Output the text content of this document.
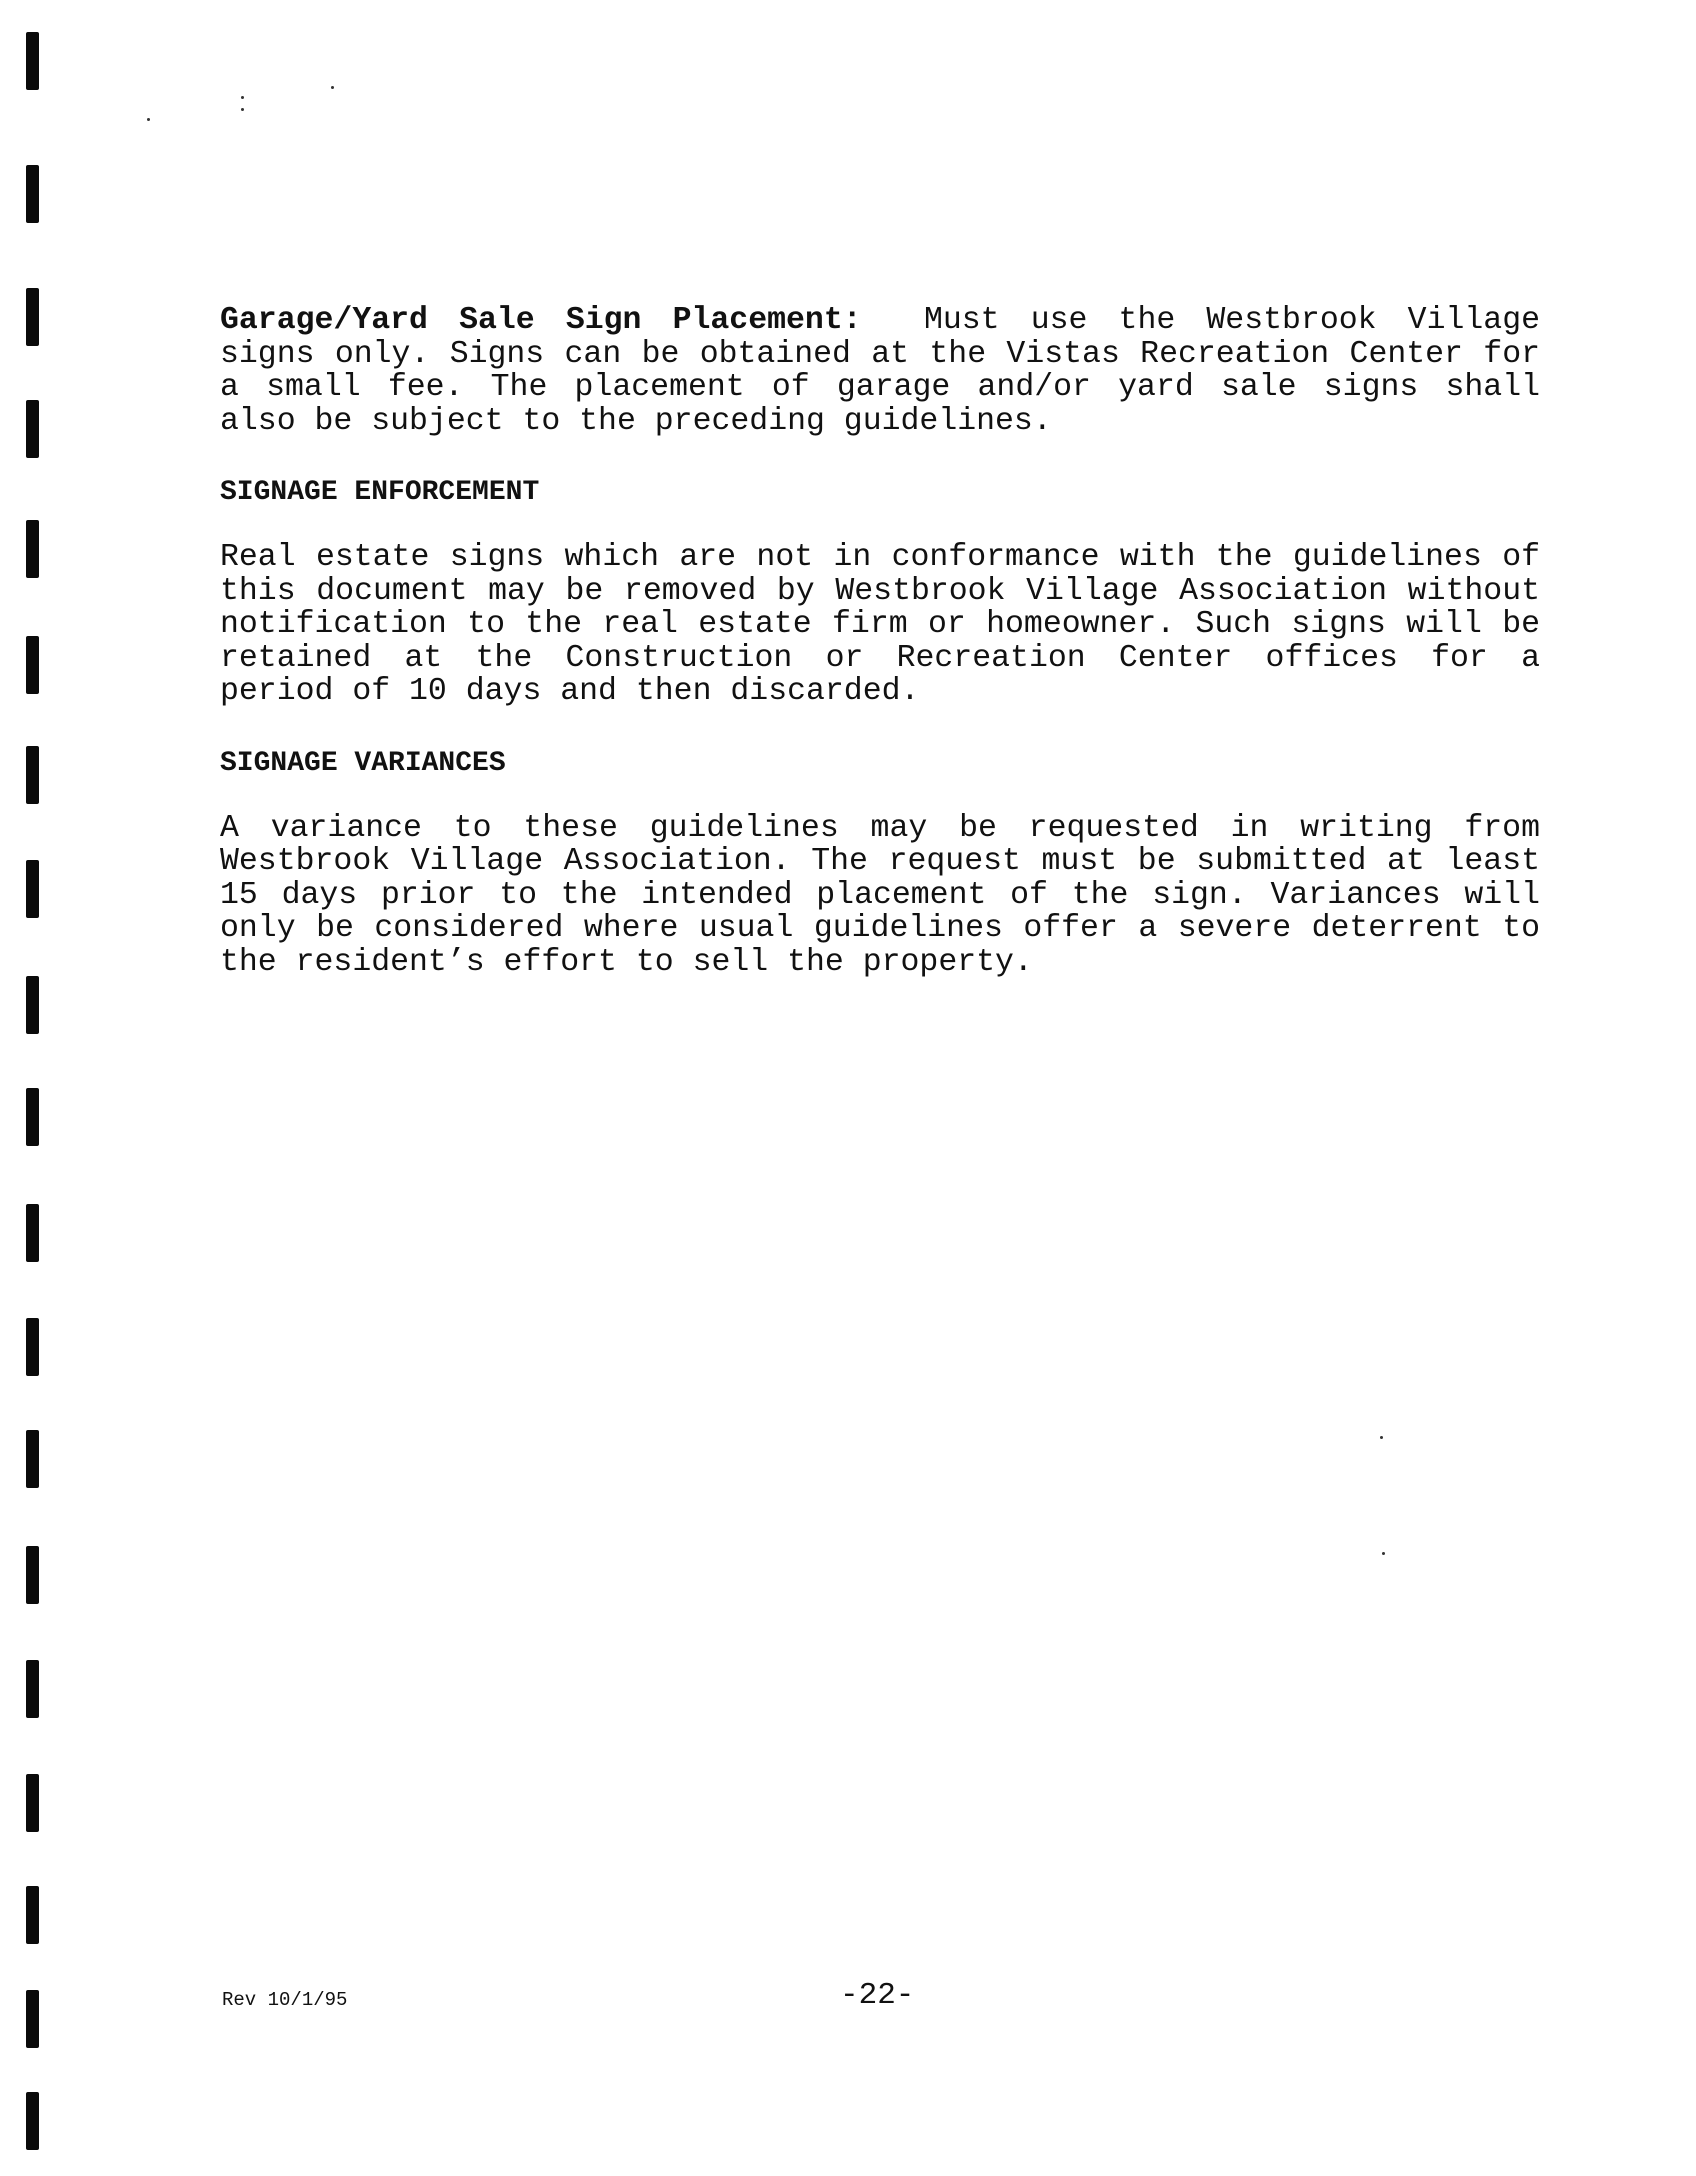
Garage/Yard Sale Sign Placement: Must use the Westbrook Village signs only. Signs can be obtained at the Vistas Recreation Center for a small fee. The placement of garage and/or yard sale signs shall also be subject to the preceding guidelines.

SIGNAGE ENFORCEMENT

Real estate signs which are not in conformance with the guidelines of this document may be removed by Westbrook Village Association without notification to the real estate firm or homeowner. Such signs will be retained at the Construction or Recreation Center offices for a period of 10 days and then discarded.

SIGNAGE VARIANCES

A variance to these guidelines may be requested in writing from Westbrook Village Association. The request must be submitted at least 15 days prior to the intended placement of the sign. Variances will only be considered where usual guidelines offer a severe deterrent to the resident’s effort to sell the property.

Rev 10/1/95	-22-
